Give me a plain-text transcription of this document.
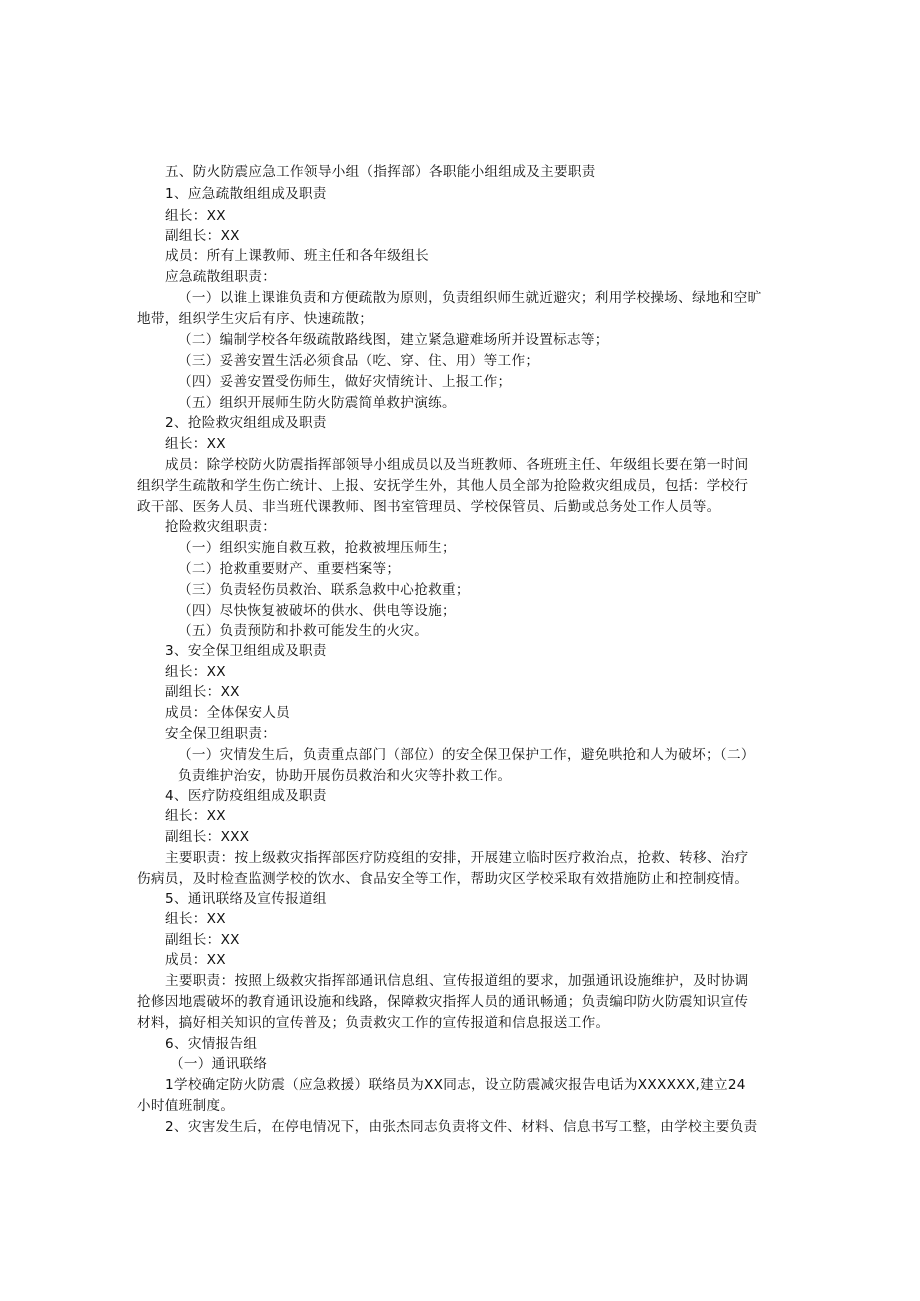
五、防火防震应急工作领导小组（指挥部）各职能小组组成及主要职责
1、应急疏散组组成及职责
组长：XX
副组长：XX
成员：所有上课教师、班主任和各年级组长
应急疏散组职责：
（一）以谁上课谁负责和方便疏散为原则，负责组织师生就近避灾；利用学校操场、绿地和空旷
地带，组织学生灾后有序、快速疏散；
（二）编制学校各年级疏散路线图，建立紧急避难场所并设置标志等；
（三）妥善安置生活必须食品（吃、穿、住、用）等工作；
（四）妥善安置受伤师生，做好灾情统计、上报工作；
（五）组织开展师生防火防震简单救护演练。
2、抢险救灾组组成及职责
组长：XX
成员：除学校防火防震指挥部领导小组成员以及当班教师、各班班主任、年级组长要在第一时间
组织学生疏散和学生伤亡统计、上报、安抚学生外，其他人员全部为抢险救灾组成员，包括：学校行
政干部、医务人员、非当班代课教师、图书室管理员、学校保管员、后勤或总务处工作人员等。
抢险救灾组职责：
（一）组织实施自救互救，抢救被埋压师生；
（二）抢救重要财产、重要档案等；
（三）负责轻伤员救治、联系急救中心抢救重；
（四）尽快恢复被破坏的供水、供电等设施；
（五）负责预防和扑救可能发生的火灾。
3、安全保卫组组成及职责
组长：XX
副组长：XX
成员：全体保安人员
安全保卫组职责：
（一）灾情发生后，负责重点部门（部位）的安全保卫保护工作，避免哄抢和人为破坏；（二）
负责维护治安，协助开展伤员救治和火灾等扑救工作。
4、医疗防疫组组成及职责
组长：XX
副组长：XXX
主要职责：按上级救灾指挥部医疗防疫组的安排，开展建立临时医疗救治点，抢救、转移、治疗
伤病员，及时检查监测学校的饮水、食品安全等工作，帮助灾区学校采取有效措施防止和控制疫情。
5、通讯联络及宣传报道组
组长：XX
副组长：XX
成员：XX
主要职责：按照上级救灾指挥部通讯信息组、宣传报道组的要求，加强通讯设施维护，及时协调
抢修因地震破坏的教育通讯设施和线路，保障救灾指挥人员的通讯畅通；负责编印防火防震知识宣传
材料，搞好相关知识的宣传普及；负责救灾工作的宣传报道和信息报送工作。
6、灾情报告组
（一）通讯联络
1学校确定防火防震（应急救援）联络员为XX同志，设立防震减灾报告电话为XXXXXX,建立24
小时值班制度。
2、灾害发生后，在停电情况下，由张杰同志负责将文件、材料、信息书写工整，由学校主要负责
